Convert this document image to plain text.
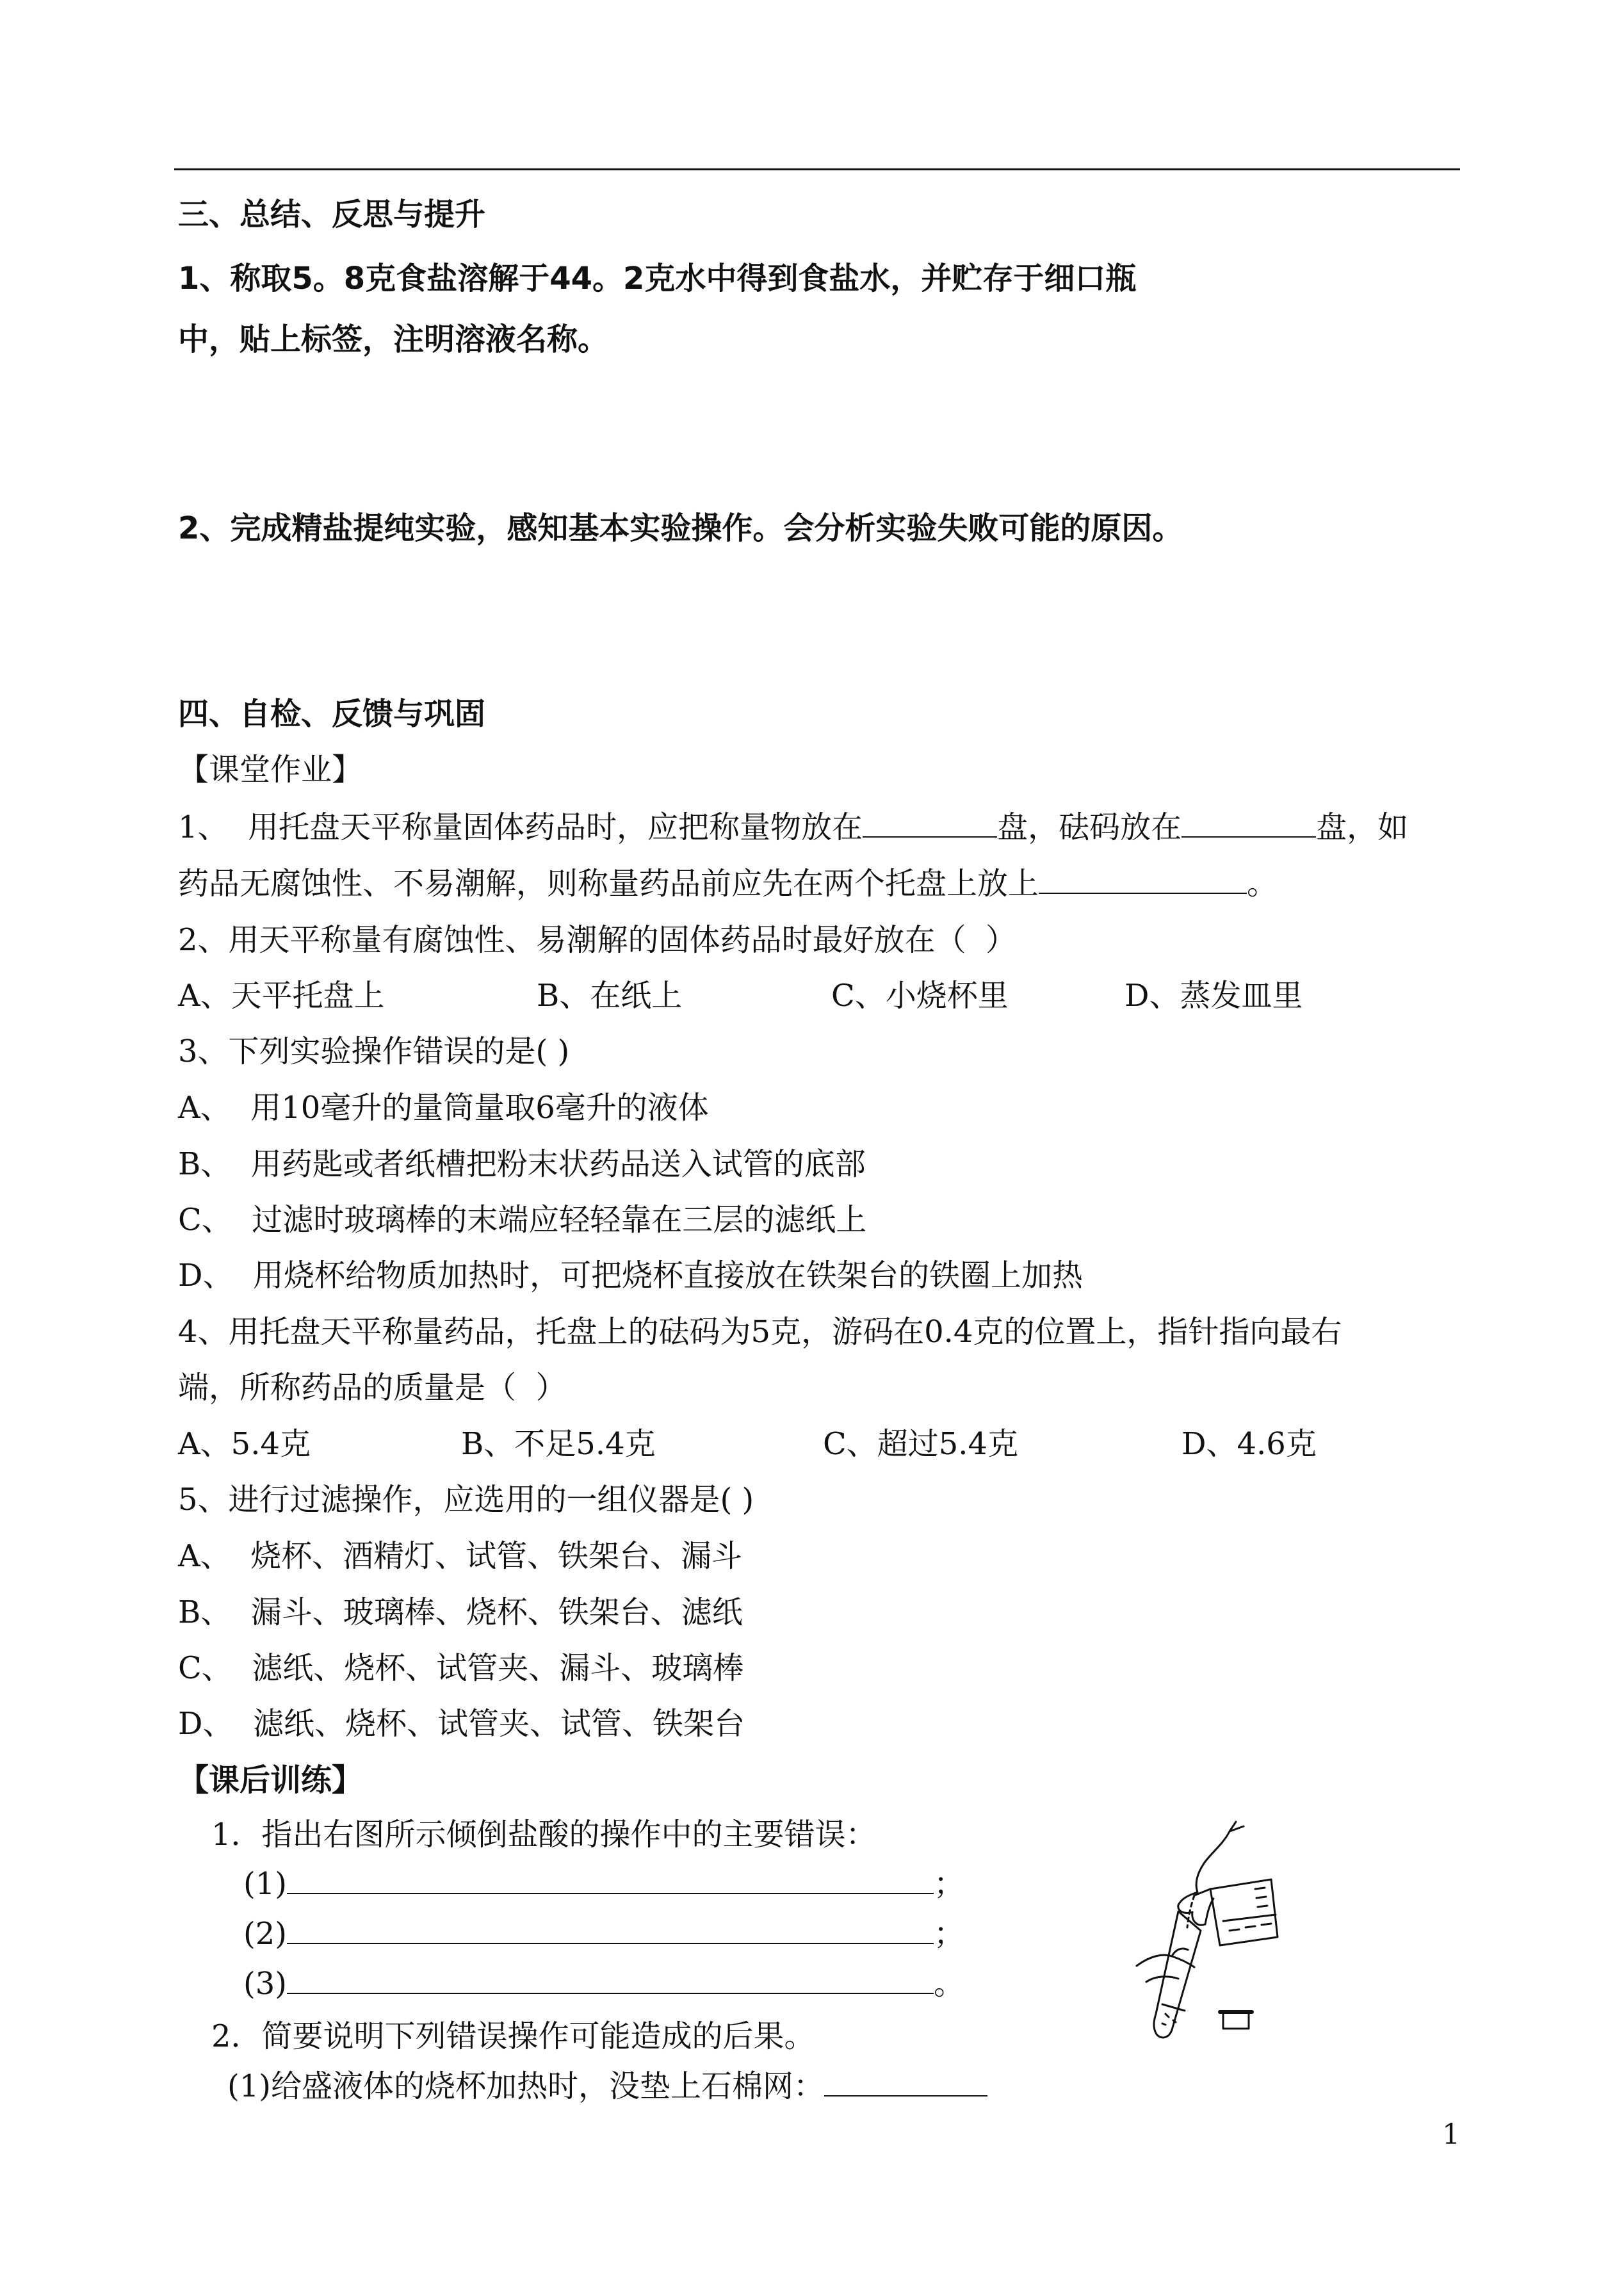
三、总结、反思与提升
1、称取5。8克食盐溶解于44。2克水中得到食盐水，并贮存于细口瓶
中，贴上标签，注明溶液名称。
2、完成精盐提纯实验，感知基本实验操作。会分析实验失败可能的原因。
四、自检、反馈与巩固
【课堂作业】
1、  用托盘天平称量固体药品时，应把称量物放在	盘，砝码放在	盘，如
药品无腐蚀性、不易潮解，则称量药品前应先在两个托盘上放上	。
2、用天平称量有腐蚀性、易潮解的固体药品时最好放在（  ）
A、天平托盘上	B、在纸上	C、小烧杯里	D、蒸发皿里
3、下列实验操作错误的是( )
A、  用10毫升的量筒量取6毫升的液体
B、  用药匙或者纸槽把粉末状药品送入试管的底部
C、  过滤时玻璃棒的末端应轻轻靠在三层的滤纸上
D、  用烧杯给物质加热时，可把烧杯直接放在铁架台的铁圈上加热
4、用托盘天平称量药品，托盘上的砝码为5克，游码在0.4克的位置上，指针指向最右
端，所称药品的质量是（  ）
A、5.4克	B、不足5.4克	C、超过5.4克	D、4.6克
5、进行过滤操作，应选用的一组仪器是( )
A、  烧杯、酒精灯、试管、铁架台、漏斗
B、  漏斗、玻璃棒、烧杯、铁架台、滤纸
C、  滤纸、烧杯、试管夹、漏斗、玻璃棒
D、  滤纸、烧杯、试管夹、试管、铁架台
【课后训练】
1．指出右图所示倾倒盐酸的操作中的主要错误：
(1)	；
(2)	；
(3)	。
2．简要说明下列错误操作可能造成的后果。
(1)给盛液体的烧杯加热时，没垫上石棉网：
1
